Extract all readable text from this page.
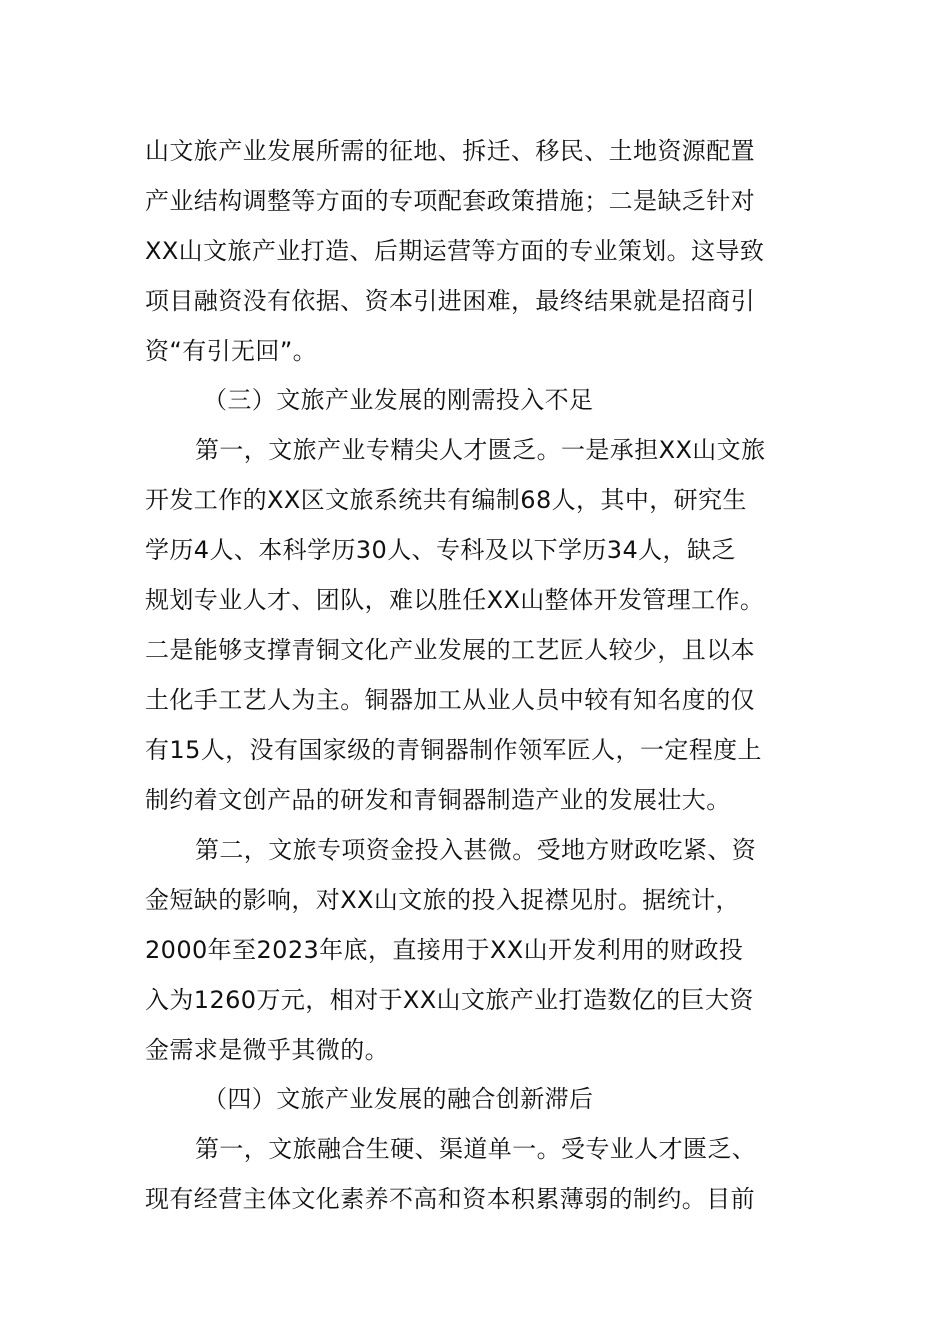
山文旅产业发展所需的征地、拆迁、移民、土地资源配置
产业结构调整等方面的专项配套政策措施；二是缺乏针对
XX山文旅产业打造、后期运营等方面的专业策划。这导致
项目融资没有依据、资本引进困难，最终结果就是招商引
资“有引无回”。
（三）文旅产业发展的刚需投入不足
第一，文旅产业专精尖人才匮乏。一是承担XX山文旅
开发工作的XX区文旅系统共有编制68人，其中，研究生
学历4人、本科学历30人、专科及以下学历34人，缺乏
规划专业人才、团队，难以胜任XX山整体开发管理工作。
二是能够支撑青铜文化产业发展的工艺匠人较少，且以本
土化手工艺人为主。铜器加工从业人员中较有知名度的仅
有15人，没有国家级的青铜器制作领军匠人，一定程度上
制约着文创产品的研发和青铜器制造产业的发展壮大。
第二，文旅专项资金投入甚微。受地方财政吃紧、资
金短缺的影响，对XX山文旅的投入捉襟见肘。据统计，
2000年至2023年底，直接用于XX山开发利用的财政投
入为1260万元，相对于XX山文旅产业打造数亿的巨大资
金需求是微乎其微的。
（四）文旅产业发展的融合创新滞后
第一，文旅融合生硬、渠道单一。受专业人才匮乏、
现有经营主体文化素养不高和资本积累薄弱的制约。目前
